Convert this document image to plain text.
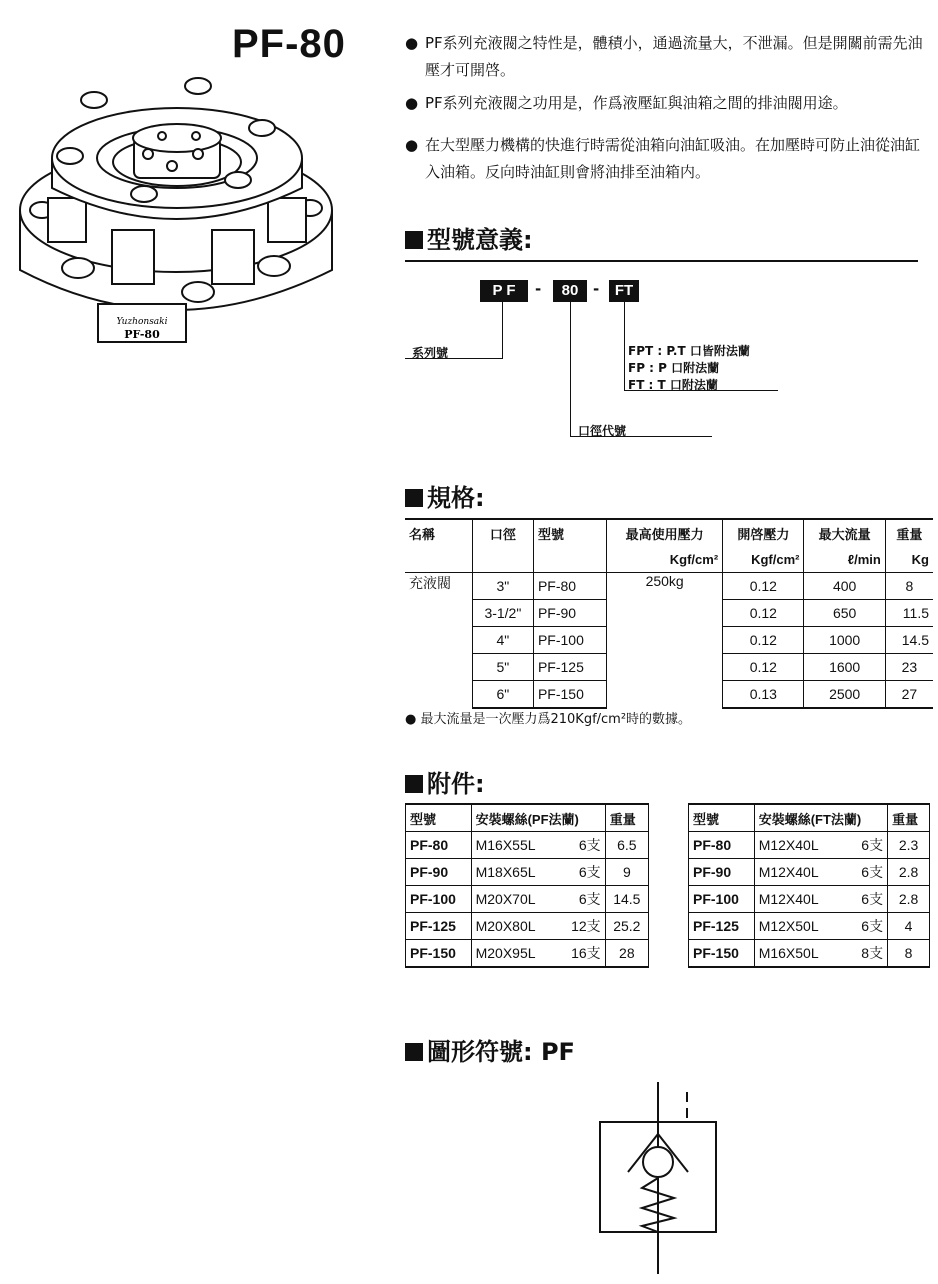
PF-80
Yuzhonsaki
PF-80
● PF系列充液閥之特性是，體積小，通過流量大，不泄漏。但是開關前需先油壓才可開啓。
● PF系列充液閥之功用是，作爲液壓缸與油箱之間的排油閥用途。
● 在大型壓力機構的快進行時需從油箱向油缸吸油。在加壓時可防止油從油缸入油箱。反向時油缸則會將油排至油箱内。
型號意義:
P F	-	80 -	FT
系列號
口徑代號
FPT : P.T 口皆附法蘭
FP : P 口附法蘭
FT : T 口附法蘭
規格:
名稱	口徑	型號	最高使用壓力	開啓壓力	最大流量	重量
			Kgf/cm²	Kgf/cm²	ℓ/min	Kg
充液閥	3"	PF-80	250kg	0.12	400	8
	3-1/2"	PF-90		0.12	650	11.5
	4"	PF-100		0.12	1000	14.5
	5"	PF-125		0.12	1600	23
	6"	PF-150		0.13	2500	27
● 最大流量是一次壓力爲210Kgf/cm²時的數據。
附件:
型號	安裝螺絲(PF法蘭)		重量
PF-80	M16X55L	6支	6.5
PF-90	M18X65L	6支	9
PF-100	M20X70L	6支	14.5
PF-125	M20X80L	12支	25.2
PF-150	M20X95L	16支	28
型號	安裝螺絲(FT法蘭)		重量
PF-80	M12X40L	6支	2.3
PF-90	M12X40L	6支	2.8
PF-100	M12X40L	6支	2.8
PF-125	M12X50L	6支	4
PF-150	M16X50L	8支	8
圖形符號: PF
